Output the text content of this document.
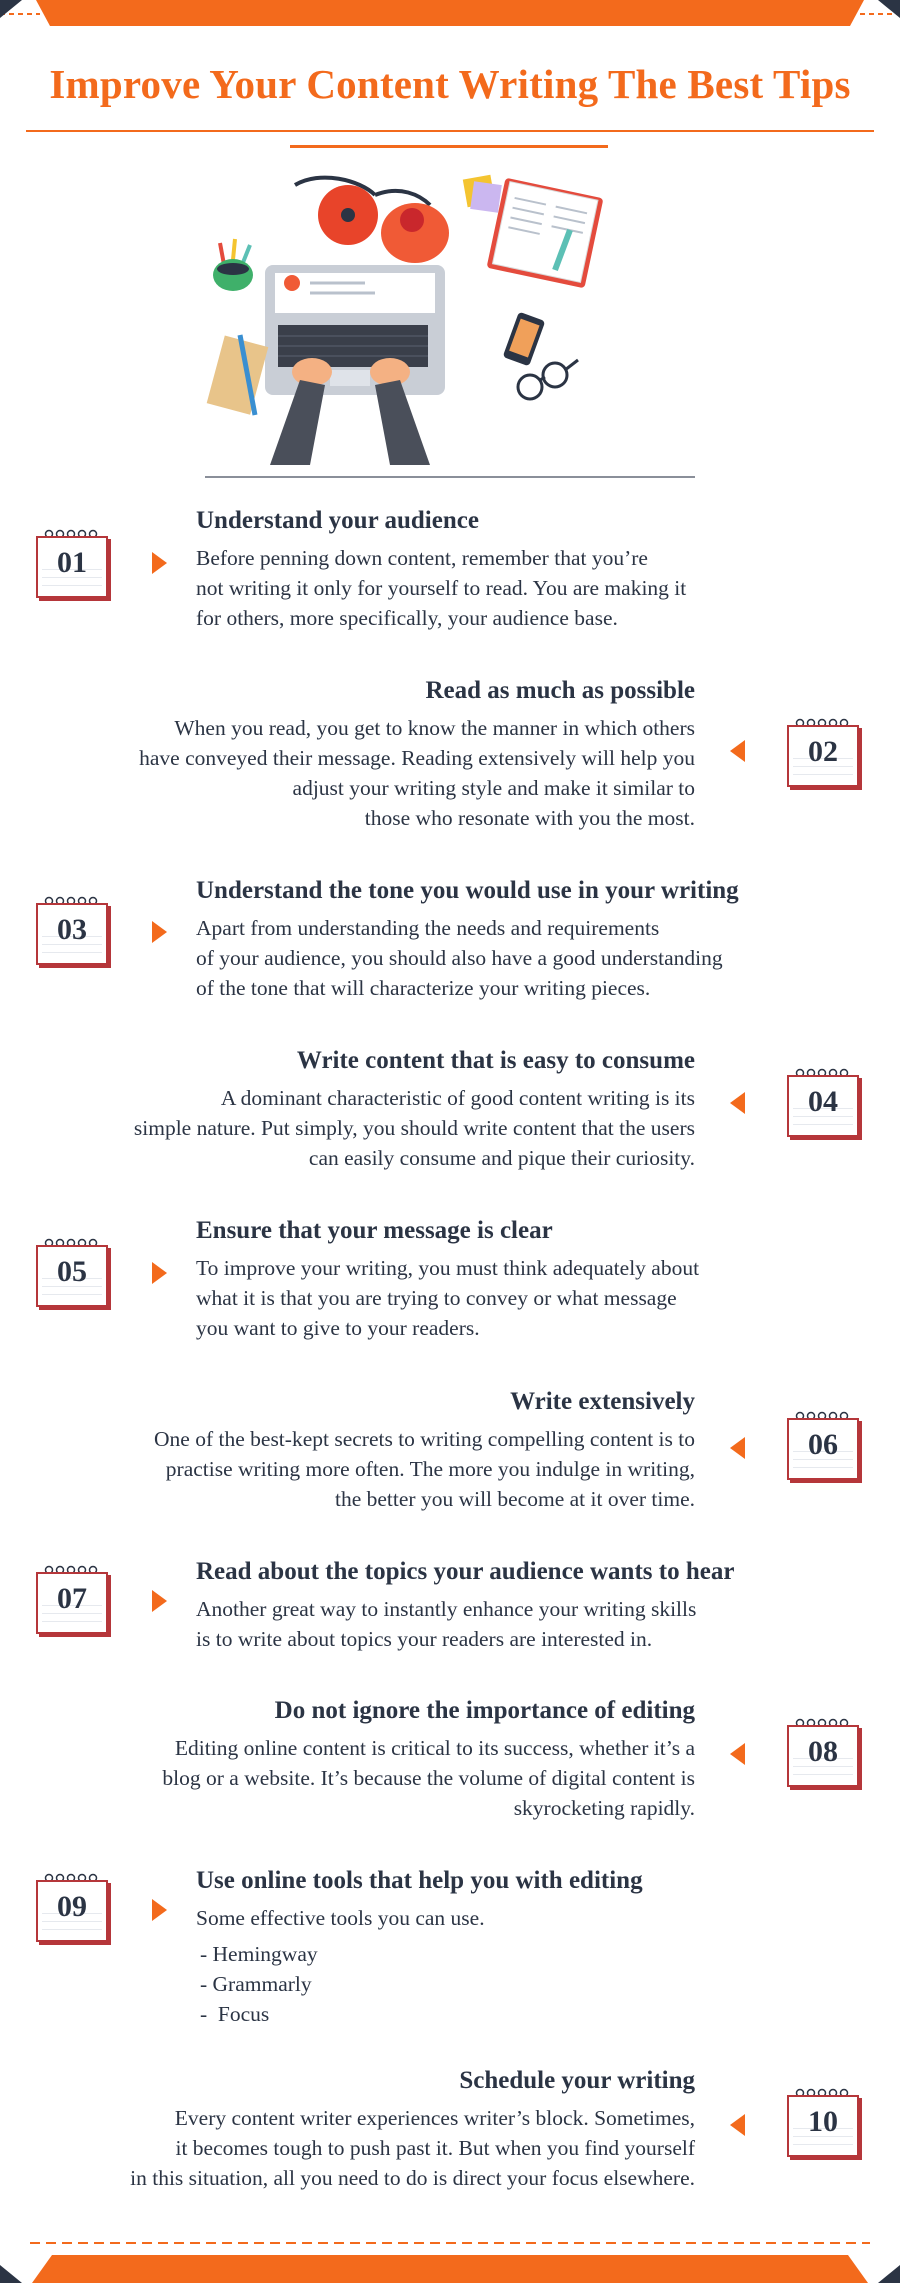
Improve Your Content Writing The Best Tips
01
Understand your audience
Before penning down content, remember that you’re
not writing it only for yourself to read. You are making it
for others, more specifically, your audience base.
02
Read as much as possible
When you read, you get to know the manner in which others
have conveyed their message. Reading extensively will help you
adjust your writing style and make it similar to
those who resonate with you the most.
03
Understand the tone you would use in your writing
Apart from understanding the needs and requirements
of your audience, you should also have a good understanding
of the tone that will characterize your writing pieces.
04
Write content that is easy to consume
A dominant characteristic of good content writing is its
simple nature. Put simply, you should write content that the users
can easily consume and pique their curiosity.
05
Ensure that your message is clear
To improve your writing, you must think adequately about
what it is that you are trying to convey or what message
you want to give to your readers.
06
Write extensively
One of the best-kept secrets to writing compelling content is to
practise writing more often. The more you indulge in writing,
the better you will become at it over time.
07
Read about the topics your audience wants to hear
Another great way to instantly enhance your writing skills
is to write about topics your readers are interested in.
08
Do not ignore the importance of editing
Editing online content is critical to its success, whether it’s a
blog or a website. It’s because the volume of digital content is
skyrocketing rapidly.
09
Use online tools that help you with editing
Some effective tools you can use.
- Hemingway
- Grammarly
-  Focus
10
Schedule your writing
Every content writer experiences writer’s block. Sometimes,
it becomes tough to push past it. But when you find yourself
in this situation, all you need to do is direct your focus elsewhere.
